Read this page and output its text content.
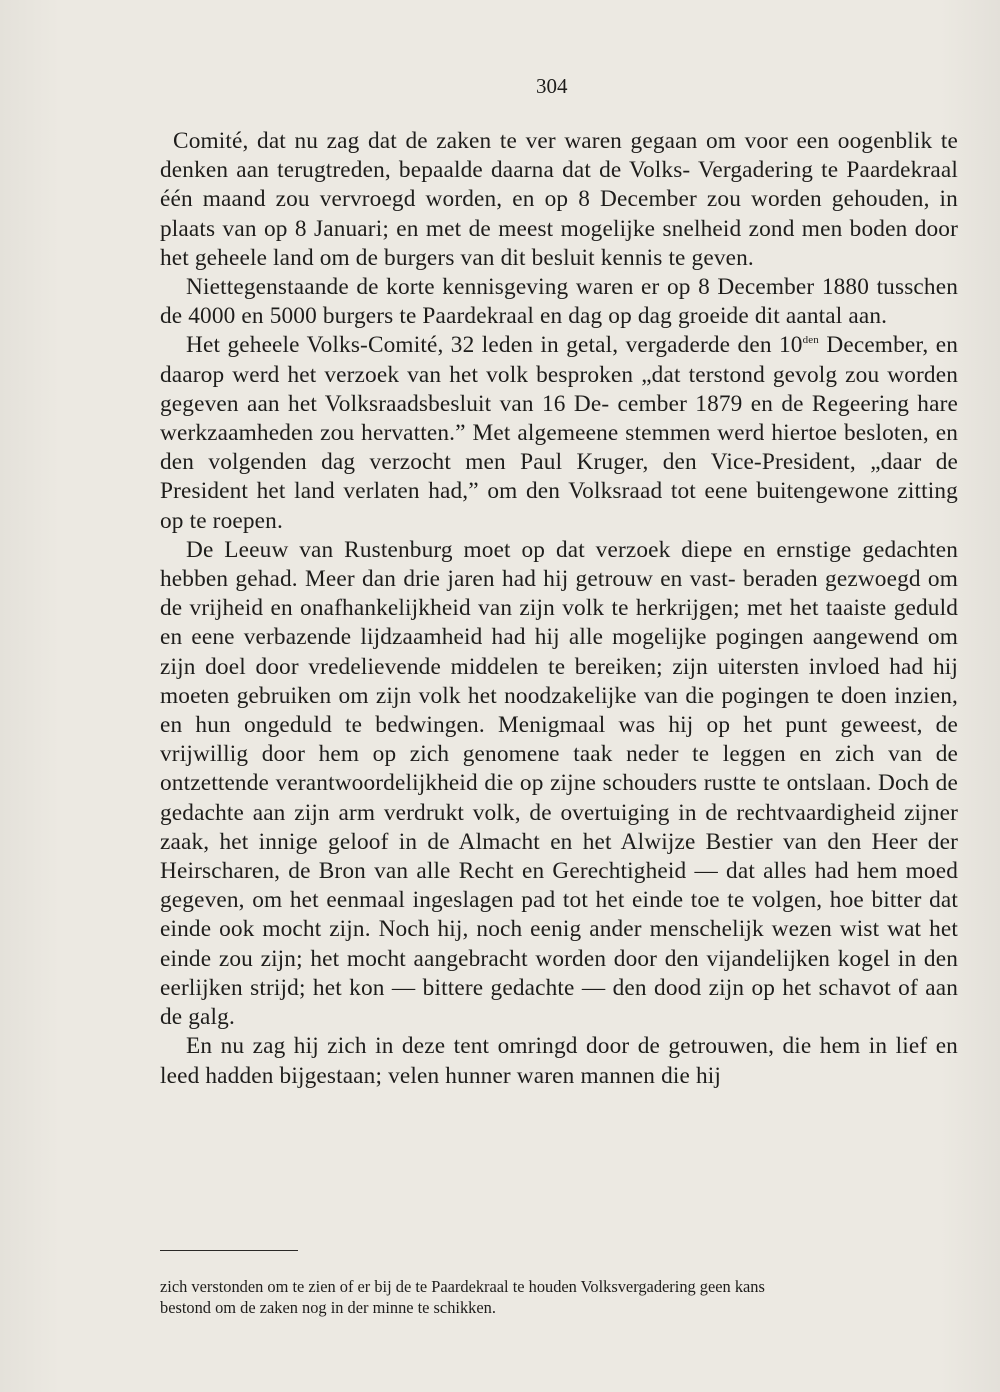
304

Comité, dat nu zag dat de zaken te ver waren gegaan om voor een oogenblik te denken aan terugtreden, bepaalde daarna dat de Volks- Vergadering te Paardekraal één maand zou vervroegd worden, en op 8 December zou worden gehouden, in plaats van op 8 Januari; en met de meest mogelijke snelheid zond men boden door het geheele land om de burgers van dit besluit kennis te geven.

Niettegenstaande de korte kennisgeving waren er op 8 December 1880 tusschen de 4000 en 5000 burgers te Paardekraal en dag op dag groeide dit aantal aan.

Het geheele Volks-Comité, 32 leden in getal, vergaderde den $10^{den}$ December, en daarop werd het verzoek van het volk besproken „dat terstond gevolg zou worden gegeven aan het Volksraadsbesluit van 16 De- cember 1879 en de Regeering hare werkzaamheden zou hervatten.” Met algemeene stemmen werd hiertoe besloten, en den volgenden dag verzocht men Paul Kruger, den Vice-President, „daar de President het land verlaten had,” om den Volksraad tot eene buitengewone zitting op te roepen.

De Leeuw van Rustenburg moet op dat verzoek diepe en ernstige gedachten hebben gehad. Meer dan drie jaren had hij getrouw en vast- beraden gezwoegd om de vrijheid en onafhankelijkheid van zijn volk te herkrijgen; met het taaiste geduld en eene verbazende lijdzaamheid had hij alle mogelijke pogingen aangewend om zijn doel door vredelievende middelen te bereiken; zijn uitersten invloed had hij moeten gebruiken om zijn volk het noodzakelijke van die pogingen te doen inzien, en hun ongeduld te bedwingen. Menigmaal was hij op het punt geweest, de vrijwillig door hem op zich genomene taak neder te leggen en zich van de ontzettende verantwoordelijkheid die op zijne schouders rustte te ontslaan. Doch de gedachte aan zijn arm verdrukt volk, de overtuiging in de rechtvaardigheid zijner zaak, het innige geloof in de Almacht en het Alwijze Bestier van den Heer der Heirscharen, de Bron van alle Recht en Gerechtigheid — dat alles had hem moed gegeven, om het eenmaal ingeslagen pad tot het einde toe te volgen, hoe bitter dat einde ook mocht zijn. Noch hij, noch eenig ander menschelijk wezen wist wat het einde zou zijn; het mocht aangebracht worden door den vijandelijken kogel in den eerlijken strijd; het kon — bittere gedachte — den dood zijn op het schavot of aan de galg.

En nu zag hij zich in deze tent omringd door de getrouwen, die hem in lief en leed hadden bijgestaan; velen hunner waren mannen die hij

zich verstonden om te zien of er bij de te Paardekraal te houden Volksvergadering geen kans
bestond om de zaken nog in der minne te schikken.
